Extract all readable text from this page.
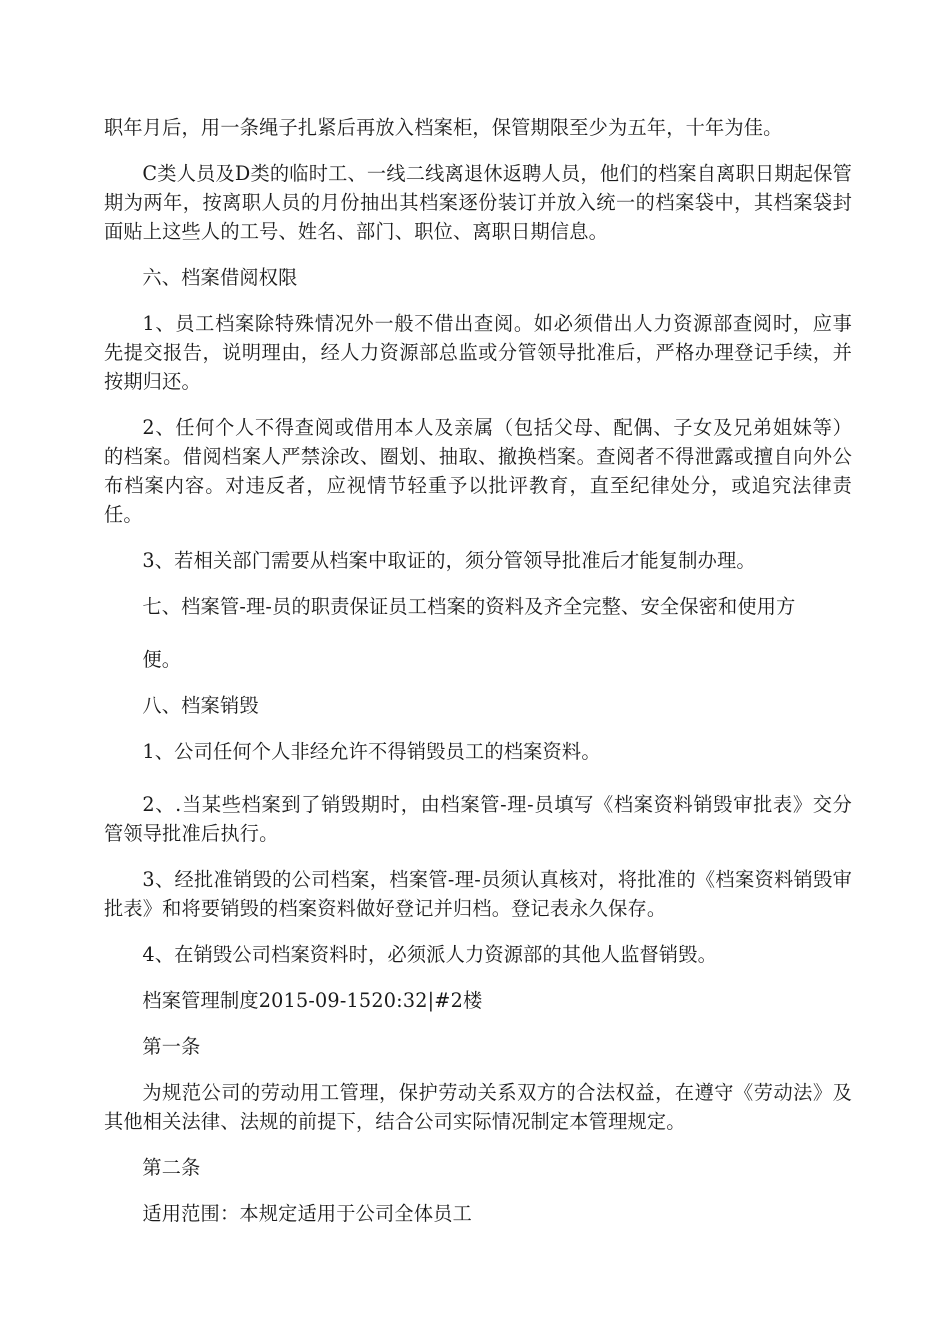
职年月后，用一条绳子扎紧后再放入档案柜，保管期限至少为五年，十年为佳。

C类人员及D类的临时工、一线二线离退休返聘人员，他们的档案自离职日期起保管期为两年，按离职人员的月份抽出其档案逐份装订并放入统一的档案袋中，其档案袋封面贴上这些人的工号、姓名、部门、职位、离职日期信息。

六、档案借阅权限

1、员工档案除特殊情况外一般不借出查阅。如必须借出人力资源部查阅时，应事先提交报告，说明理由，经人力资源部总监或分管领导批准后，严格办理登记手续，并按期归还。

2、任何个人不得查阅或借用本人及亲属（包括父母、配偶、子女及兄弟姐妹等）的档案。借阅档案人严禁涂改、圈划、抽取、撤换档案。查阅者不得泄露或擅自向外公布档案内容。对违反者，应视情节轻重予以批评教育，直至纪律处分，或追究法律责任。

3、若相关部门需要从档案中取证的，须分管领导批准后才能复制办理。

七、档案管-理-员的职责保证员工档案的资料及齐全完整、安全保密和使用方

便。

八、档案销毁

1、公司任何个人非经允许不得销毁员工的档案资料。

2、.当某些档案到了销毁期时，由档案管-理-员填写《档案资料销毁审批表》交分管领导批准后执行。

3、经批准销毁的公司档案，档案管-理-员须认真核对，将批准的《档案资料销毁审批表》和将要销毁的档案资料做好登记并归档。登记表永久保存。

4、在销毁公司档案资料时，必须派人力资源部的其他人监督销毁。

档案管理制度2015-09-1520:32|#2楼

第一条

为规范公司的劳动用工管理，保护劳动关系双方的合法权益，在遵守《劳动法》及其他相关法律、法规的前提下，结合公司实际情况制定本管理规定。

第二条

适用范围：本规定适用于公司全体员工
